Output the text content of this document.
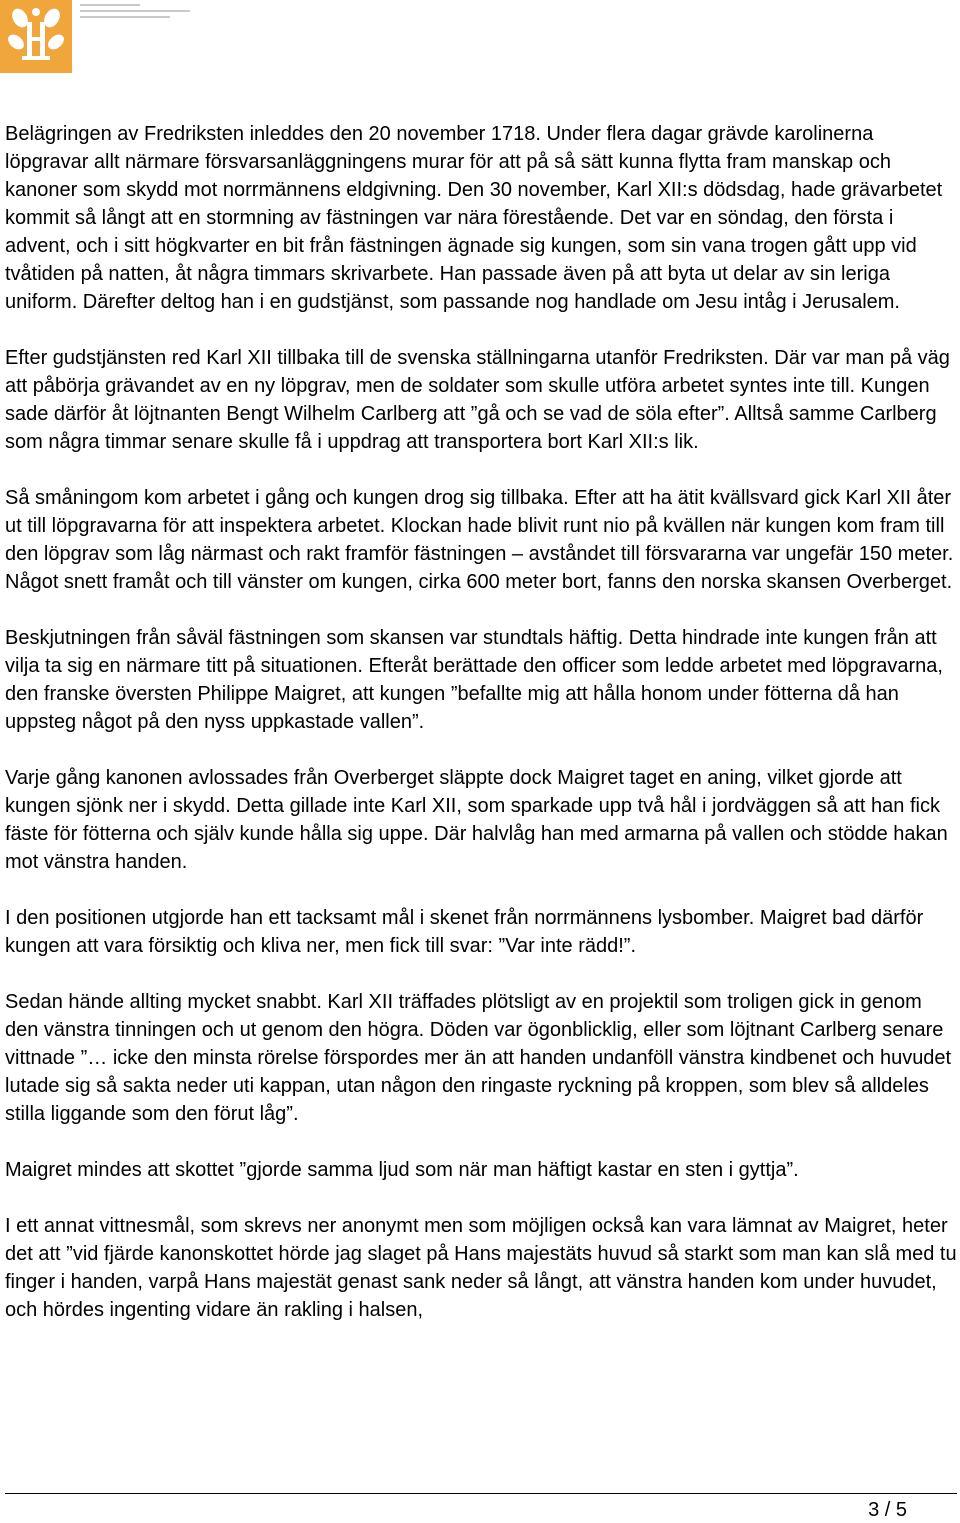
Belägringen av Fredriksten inleddes den 20 november 1718. Under flera dagar grävde karolinerna löpgravar allt närmare försvarsanläggningens murar för att på så sätt kunna flytta fram manskap och kanoner som skydd mot norrmännens eldgivning. Den 30 november, Karl XII:s dödsdag, hade grävarbetet kommit så långt att en stormning av fästningen var nära förestående. Det var en söndag, den första i advent, och i sitt högkvarter en bit från fästningen ägnade sig kungen, som sin vana trogen gått upp vid tvåtiden på natten, åt några timmars skrivarbete. Han passade även på att byta ut delar av sin leriga uniform. Därefter deltog han i en gudstjänst, som passande nog handlade om Jesu intåg i Jerusalem.

Efter gudstjänsten red Karl XII tillbaka till de svenska ställningarna utanför Fredriksten. Där var man på väg att påbörja grävandet av en ny löpgrav, men de soldater som skulle utföra arbetet syntes inte till. Kungen sade därför åt löjtnanten Bengt Wilhelm Carlberg att ”gå och se vad de söla efter”. Alltså samme Carlberg som några timmar senare skulle få i uppdrag att transportera bort Karl XII:s lik.

Så småningom kom arbetet i gång och kungen drog sig tillbaka. Efter att ha ätit kvällsvard gick Karl XII åter ut till löpgravarna för att inspektera arbetet. Klockan hade blivit runt nio på kvällen när kungen kom fram till den löpgrav som låg närmast och rakt framför fästningen – avståndet till försvararna var ungefär 150 meter. Något snett framåt och till vänster om kungen, cirka 600 meter bort, fanns den norska skansen Overberget.

Beskjutningen från såväl fästningen som skansen var stundtals häftig. Detta hindrade inte kungen från att vilja ta sig en närmare titt på situationen. Efteråt berättade den officer som ledde arbetet med löpgravarna, den franske översten Philippe Maigret, att kungen ”befallte mig att hålla honom under fötterna då han uppsteg något på den nyss uppkastade vallen”.

Varje gång kanonen avlossades från Overberget släppte dock Maigret taget en aning, vilket gjorde att kungen sjönk ner i skydd. Detta gillade inte Karl XII, som sparkade upp två hål i jordväggen så att han fick fäste för fötterna och själv kunde hålla sig uppe. Där halvlåg han med armarna på vallen och stödde hakan mot vänstra handen.

I den positionen utgjorde han ett tacksamt mål i skenet från norrmännens lysbomber. Maigret bad därför kungen att vara försiktig och kliva ner, men fick till svar: ”Var inte rädd!”.

Sedan hände allting mycket snabbt. Karl XII träffades plötsligt av en projektil som troligen gick in genom den vänstra tinningen och ut genom den högra. Döden var ögonblicklig, eller som löjtnant Carlberg senare vittnade ”… icke den minsta rörelse förspordes mer än att handen undanföll vänstra kindbenet och huvudet lutade sig så sakta neder uti kappan, utan någon den ringaste ryckning på kroppen, som blev så alldeles stilla liggande som den förut låg”.

Maigret mindes att skottet ”gjorde samma ljud som när man häftigt kastar en sten i gyttja”.

I ett annat vittnesmål, som skrevs ner anonymt men som möjligen också kan vara lämnat av Maigret, heter det att ”vid fjärde kanonskottet hörde jag slaget på Hans majestäts huvud så starkt som man kan slå med tu finger i handen, varpå Hans majestät genast sank neder så långt, att vänstra handen kom under huvudet, och hördes ingenting vidare än rakling i halsen,

3 / 5
